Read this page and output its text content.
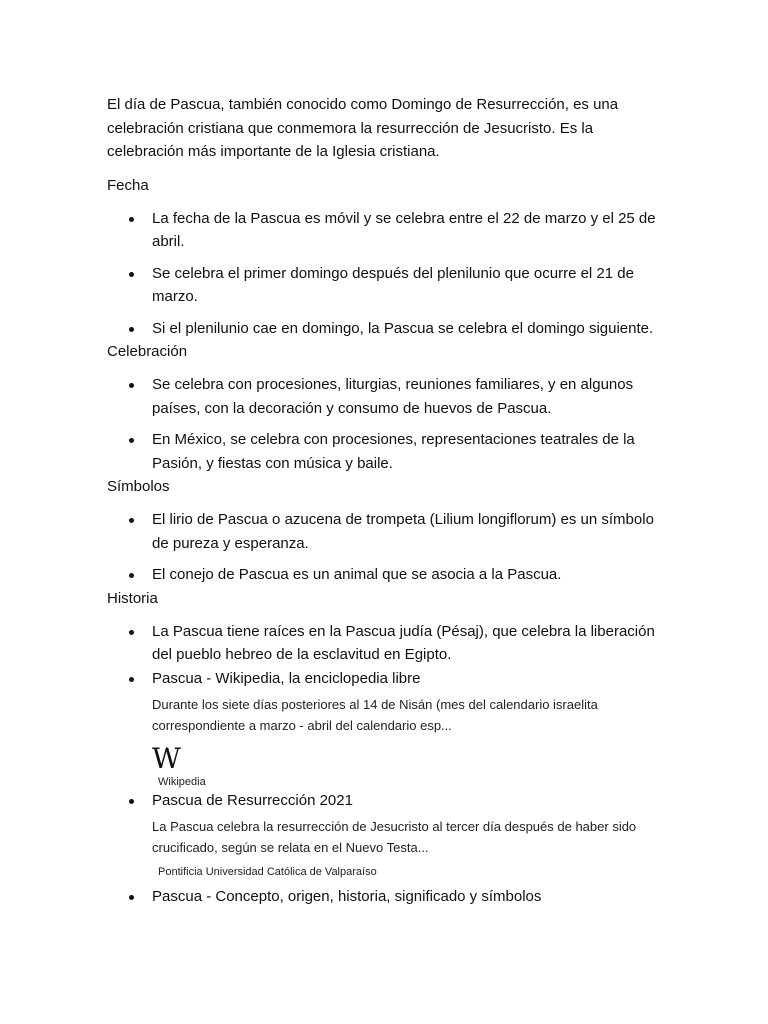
El día de Pascua, también conocido como Domingo de Resurrección, es una celebración cristiana que conmemora la resurrección de Jesucristo. Es la celebración más importante de la Iglesia cristiana.

Fecha
La fecha de la Pascua es móvil y se celebra entre el 22 de marzo y el 25 de abril.
Se celebra el primer domingo después del plenilunio que ocurre el 21 de marzo.
Si el plenilunio cae en domingo, la Pascua se celebra el domingo siguiente.
Celebración
Se celebra con procesiones, liturgias, reuniones familiares, y en algunos países, con la decoración y consumo de huevos de Pascua.
En México, se celebra con procesiones, representaciones teatrales de la Pasión, y fiestas con música y baile.
Símbolos
El lirio de Pascua o azucena de trompeta (Lilium longiflorum) es un símbolo de pureza y esperanza.
El conejo de Pascua es un animal que se asocia a la Pascua.
Historia
La Pascua tiene raíces en la Pascua judía (Pésaj), que celebra la liberación del pueblo hebreo de la esclavitud en Egipto.
Pascua - Wikipedia, la enciclopedia libre
Durante los siete días posteriores al 14 de Nisán (mes del calendario israelita correspondiente a marzo - abril del calendario esp...
W
Wikipedia
Pascua de Resurrección 2021
La Pascua celebra la resurrección de Jesucristo al tercer día después de haber sido crucificado, según se relata en el Nuevo Testa...
Pontificia Universidad Católica de Valparaíso
Pascua - Concepto, origen, historia, significado y símbolos
